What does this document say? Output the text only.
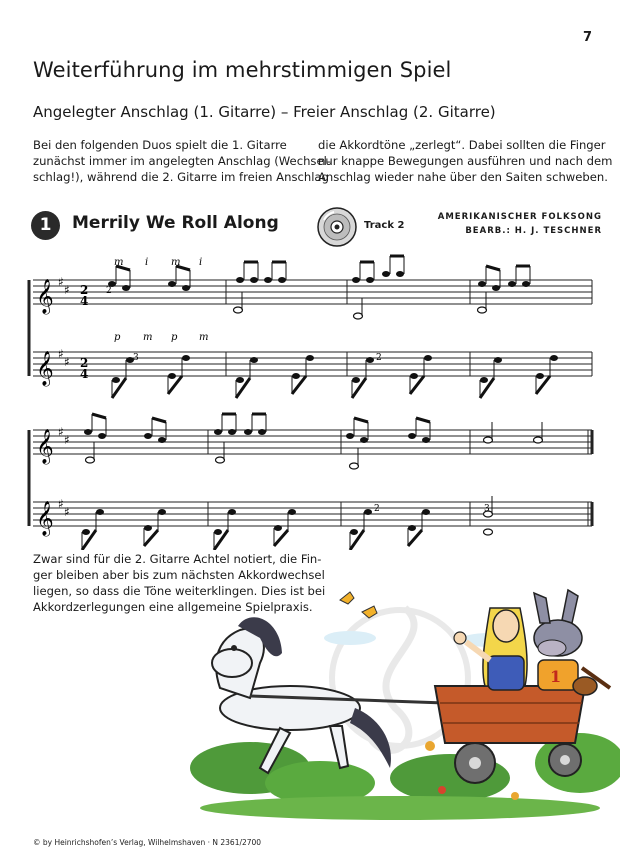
7
Weiterführung im mehrstimmigen Spiel
Angelegter Anschlag (1. Gitarre) – Freier Anschlag (2. Gitarre)
Bei den folgenden Duos spielt die 1. Gitarre
zunächst immer im angelegten Anschlag (Wechsel-
schlag!), während die 2. Gitarre im freien Anschlag
die Akkordtöne „zerlegt“. Dabei sollten die Finger
nur knappe Bewegungen ausführen und nach dem
Anschlag wieder nahe über den Saiten schweben.
1	Merrily We Roll Along	Track 2
AMERIKANISCHER FOLKSONG
BEARB.: H. J. TESCHNER
𝄞 ♯
♯
𝄞 ♯
♯
𝄞 ♯
♯
𝄞 ♯
♯
2
4
2
4
m i m i
p m p m
2
3	2
2	3
Zwar sind für die 2. Gitarre Achtel notiert, die Fin-
ger bleiben aber bis zum nächsten Akkordwechsel
liegen, so dass die Töne weiterklingen. Dies ist bei
Akkordzerlegungen eine allgemeine Spielpraxis.
1
© by Heinrichshofen’s Verlag, Wilhelmshaven · N 2361/2700
